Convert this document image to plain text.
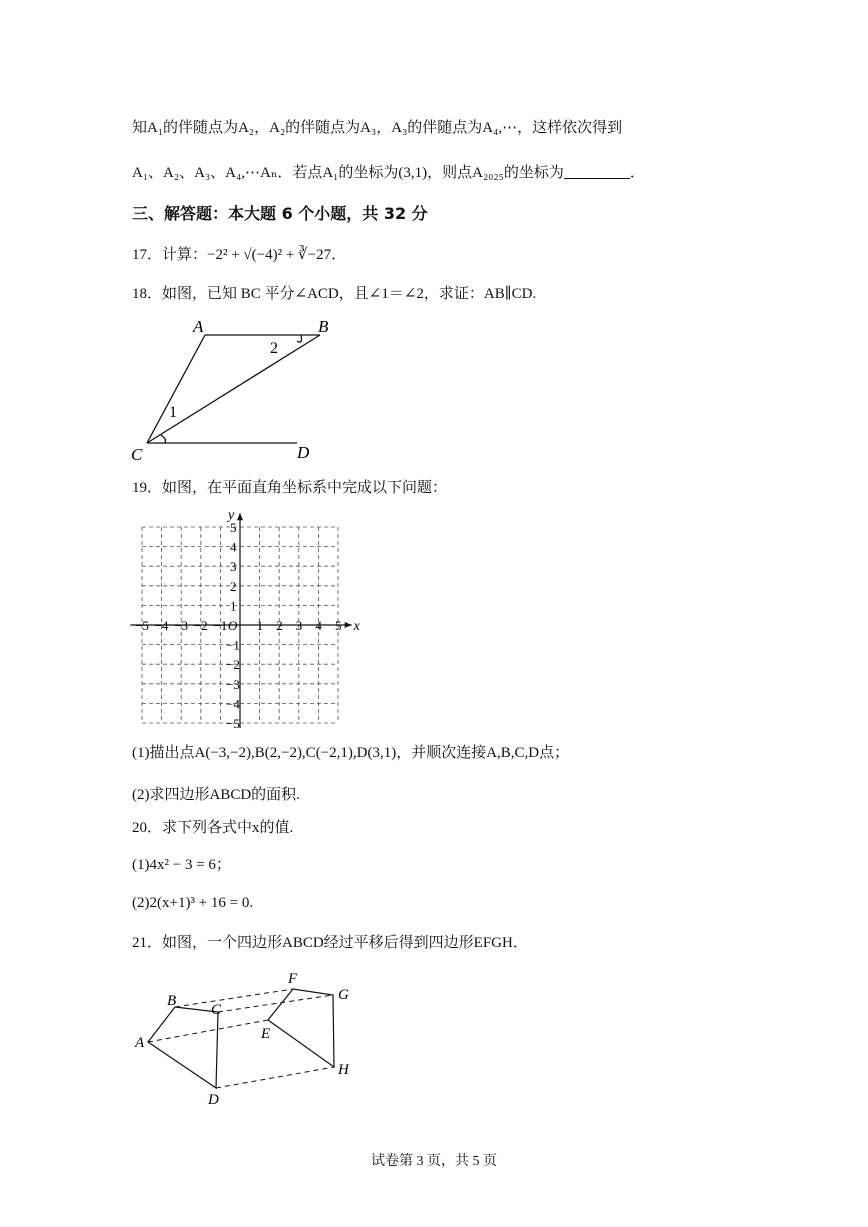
知A₁的伴随点为A₂，A₂的伴随点为A₃，A₃的伴随点为A₄,⋯，这样依次得到
A₁、A₂、A₃、A₄,⋯Aₙ．若点A₁的坐标为(3,1)，则点A₂₀₂₅的坐标为	．
三、解答题：本大题 6 个小题，共 32 分
17．计算：−2² + √(−4)² + ∛−27．
18．如图，已知 BC 平分∠ACD，且∠1＝∠2，求证：AB∥CD.
A	B
C	D
1
2
19．如图，在平面直角坐标系中完成以下问题：
−5 −4 −3 −2 −1 1 2 3 4 5
5
4
3
2
1
−1
−2
−3
−4
−5
O	x
y
(1)描出点A(−3,−2),B(2,−2),C(−2,1),D(3,1)，并顺次连接A,B,C,D点；
(2)求四边形ABCD的面积.
20．求下列各式中x的值.
(1)4x² − 3 = 6；
(2)2(x+1)³ + 16 = 0.
21．如图，一个四边形ABCD经过平移后得到四边形EFGH．
B
C
A
D
F
G
E
H
试卷第 3 页，共 5 页
